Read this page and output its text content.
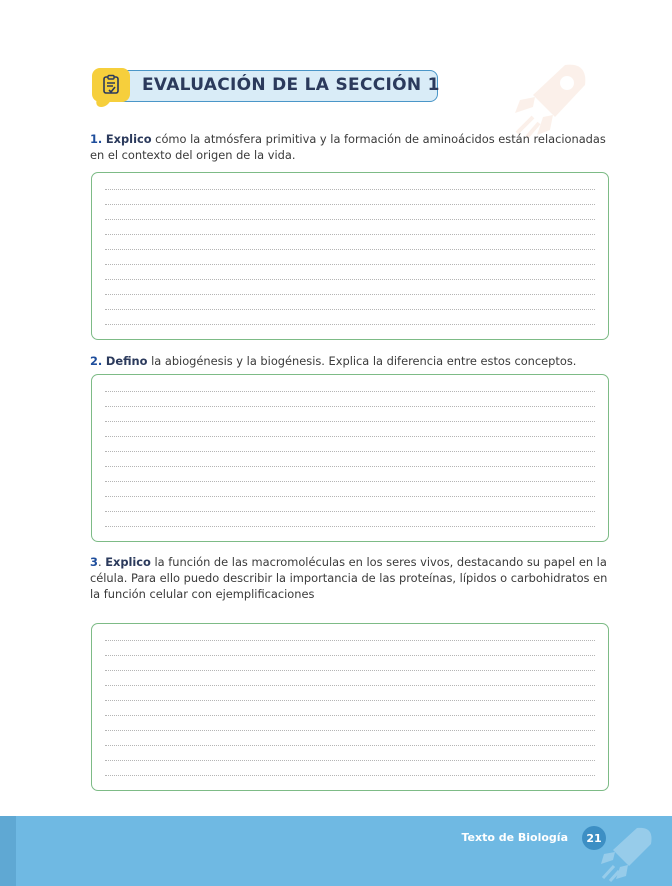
EVALUACIÓN DE LA SECCIÓN 1
1. Explico cómo la atmósfera primitiva y la formación de aminoácidos están relacionadas en el contexto del origen de la vida.
2. Defino la abiogénesis y la biogénesis. Explica la diferencia entre estos conceptos.
3. Explico la función de las macromoléculas en los seres vivos, destacando su papel en la célula. Para ello puedo describir la importancia de las proteínas, lípidos o carbohidratos en la función celular con ejemplificaciones
Texto de Biología	21
